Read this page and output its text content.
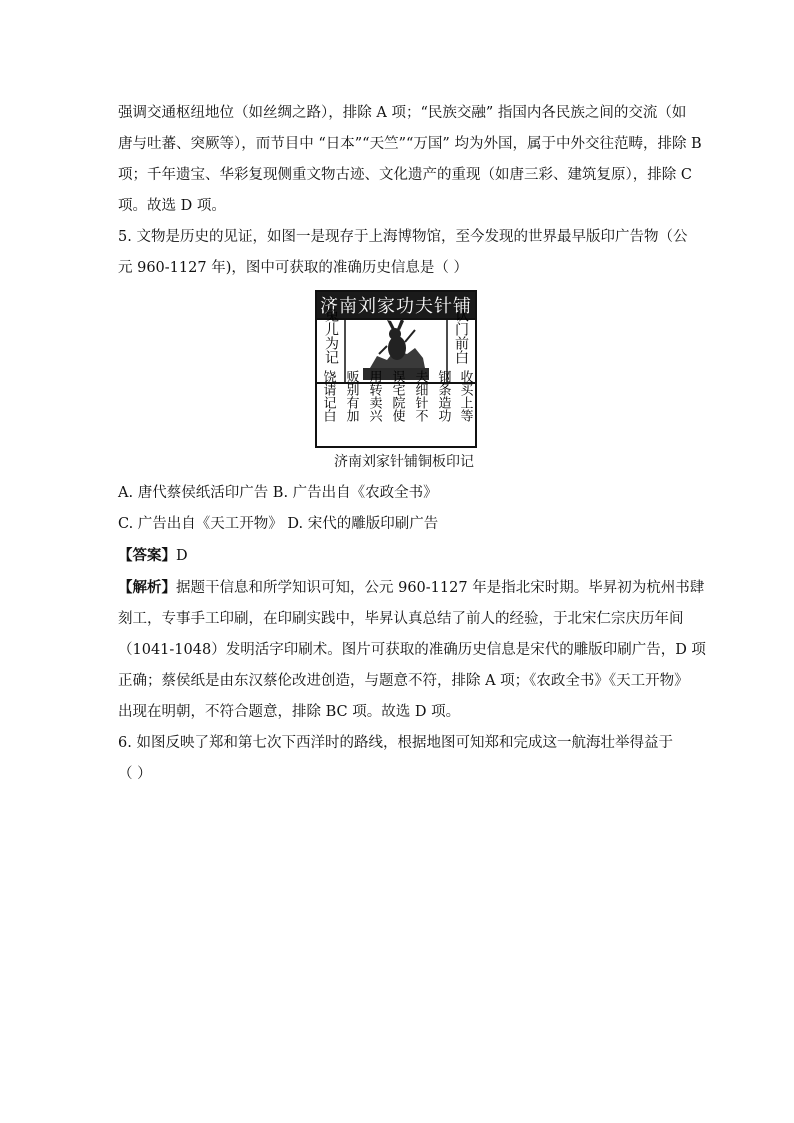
强调交通枢纽地位（如丝绸之路），排除 A 项；“民族交融” 指国内各民族之间的交流（如

唐与吐蕃、突厥等），而节目中 “日本”“天竺”“万国” 均为外国，属于中外交往范畴，排除 B

项；千年遗宝、华彩复现侧重文物古迹、文化遗产的重现（如唐三彩、建筑复原），排除 C

项。故选 D 项。

5. 文物是历史的见证，如图一是现存于上海博物馆，至今发现的世界最早版印广告物（公

元 960-1127 年)，图中可获取的准确历史信息是（ ）

济南刘家功夫针铺
兔儿为记	认门前白
收买上等
钢条造功
夫细针不
误宅院使
用转卖兴
贩别有加
饶请记白
济南刘家针铺铜板印记

A. 唐代蔡侯纸活印广告 B. 广告出自《农政全书》

C. 广告出自《天工开物》 D. 宋代的雕版印刷广告

【答案】D

【解析】据题干信息和所学知识可知，公元 960-1127 年是指北宋时期。毕昇初为杭州书肆

刻工，专事手工印刷，在印刷实践中，毕昇认真总结了前人的经验，于北宋仁宗庆历年间

（1041-1048）发明活字印刷术。图片可获取的准确历史信息是宋代的雕版印刷广告，D 项

正确；蔡侯纸是由东汉蔡伦改进创造，与题意不符，排除 A 项；《农政全书》《天工开物》

出现在明朝，不符合题意，排除 BC 项。故选 D 项。

6. 如图反映了郑和第七次下西洋时的路线，根据地图可知郑和完成这一航海壮举得益于

（ ）
